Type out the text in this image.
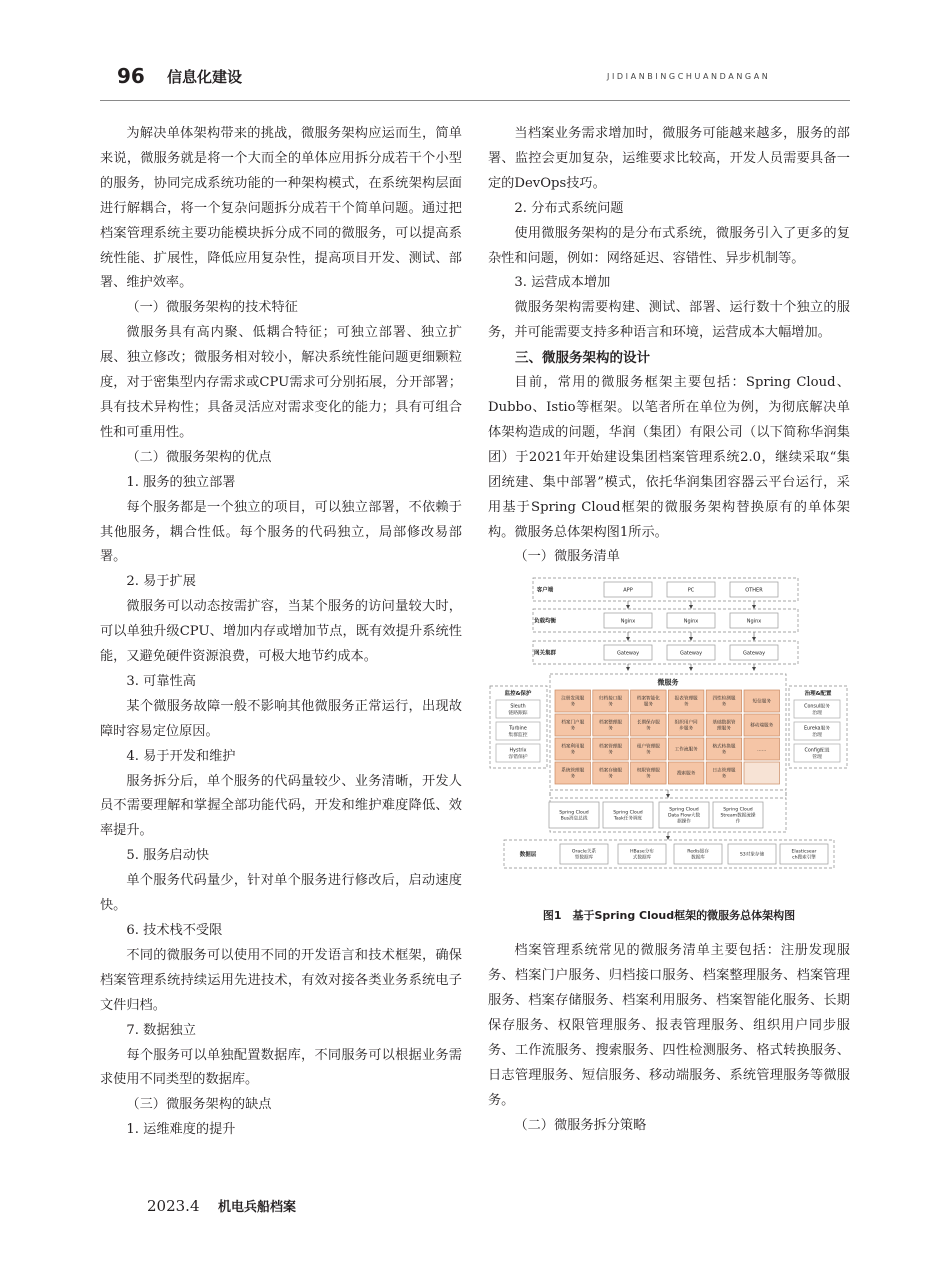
96 信息化建设	JIDIANBINGCHUANDANGAN

为解决单体架构带来的挑战，微服务架构应运而生，简单来说，微服务就是将一个大而全的单体应用拆分成若干个小型的服务，协同完成系统功能的一种架构模式，在系统架构层面进行解耦合，将一个复杂问题拆分成若干个简单问题。通过把档案管理系统主要功能模块拆分成不同的微服务，可以提高系统性能、扩展性，降低应用复杂性，提高项目开发、测试、部署、维护效率。

（一）微服务架构的技术特征

微服务具有高内聚、低耦合特征；可独立部署、独立扩展、独立修改；微服务相对较小，解决系统性能问题更细颗粒度，对于密集型内存需求或CPU需求可分别拓展，分开部署；具有技术异构性；具备灵活应对需求变化的能力；具有可组合性和可重用性。

（二）微服务架构的优点
1. 服务的独立部署

每个服务都是一个独立的项目，可以独立部署，不依赖于其他服务，耦合性低。每个服务的代码独立，局部修改易部署。

2. 易于扩展

微服务可以动态按需扩容，当某个服务的访问量较大时，可以单独升级CPU、增加内存或增加节点，既有效提升系统性能，又避免硬件资源浪费，可极大地节约成本。

3. 可靠性高

某个微服务故障一般不影响其他微服务正常运行，出现故障时容易定位原因。

4. 易于开发和维护

服务拆分后，单个服务的代码量较少、业务清晰，开发人员不需要理解和掌握全部功能代码，开发和维护难度降低、效率提升。

5. 服务启动快

单个服务代码量少，针对单个服务进行修改后，启动速度快。

6. 技术栈不受限

不同的微服务可以使用不同的开发语言和技术框架，确保档案管理系统持续运用先进技术，有效对接各类业务系统电子文件归档。

7. 数据独立

每个服务可以单独配置数据库，不同服务可以根据业务需求使用不同类型的数据库。

（三）微服务架构的缺点
1. 运维难度的提升

当档案业务需求增加时，微服务可能越来越多，服务的部署、监控会更加复杂，运维要求比较高，开发人员需要具备一定的DevOps技巧。

2. 分布式系统问题

使用微服务架构的是分布式系统，微服务引入了更多的复杂性和问题，例如：网络延迟、容错性、异步机制等。

3. 运营成本增加

微服务架构需要构建、测试、部署、运行数十个独立的服务，并可能需要支持多种语言和环境，运营成本大幅增加。

三、微服务架构的设计

目前，常用的微服务框架主要包括：Spring Cloud、Dubbo、Istio等框架。以笔者所在单位为例，为彻底解决单体架构造成的问题，华润（集团）有限公司（以下简称华润集团）于2021年开始建设集团档案管理系统2.0，继续采取“集团统建、集中部署”模式，依托华润集团容器云平台运行，采用基于Spring Cloud框架的微服务架构替换原有的单体架构。微服务总体架构图1所示。

（一）微服务清单
客户端	APP	PC	OTHER
负载均衡	Nginx	Nginx	Nginx
网关集群	Gateway	Gateway	Gateway
监控&保护
Sleuth 链路跟踪
Turbine 集群监控
Hystrix 容错保护
治理&配置
Consul服务治理
Eureka服务治理
Config配置管理
微服务
注册发现服务
归档接口服务
档案智能化服务
报表管理服务
四性检测服务
短信服务
档案门户服务
档案整理服务
长期保存服务
组织用户同步服务
基础数据管理服务
移动端服务
档案利用服务
档案管理服务
租户管理服务
工作流服务
格式转换服务
……
系统管理服务
档案存储服务
权限管理服务
搜索服务
日志管理服务
Spring Cloud Bus消息总线
Spring Cloud Task任务调度
Spring Cloud Data Flow大数据操作
Spring Cloud Stream数据流操作
数据层	Oracle关系型数据库
HBase分布式数据库
Redis缓存数据库
S3对象存储
Elasticsear ch搜索引擎
图1　基于Spring Cloud框架的微服务总体架构图

档案管理系统常见的微服务清单主要包括：注册发现服务、档案门户服务、归档接口服务、档案整理服务、档案管理服务、档案存储服务、档案利用服务、档案智能化服务、长期保存服务、权限管理服务、报表管理服务、组织用户同步服务、工作流服务、搜索服务、四性检测服务、格式转换服务、日志管理服务、短信服务、移动端服务、系统管理服务等微服务。

（二）微服务拆分策略
2023.4 机电兵船档案
